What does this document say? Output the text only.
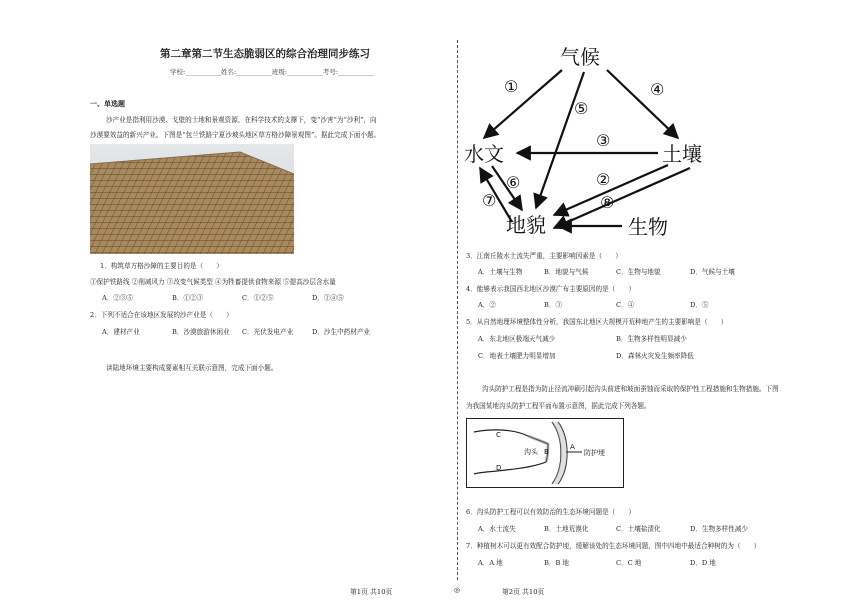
第二章第二节生态脆弱区的综合治理同步练习
学校:___________姓名:___________班级:___________考号:___________
一、单选题
沙产业是指利用沙漠、戈壁的土地和景观资源，在科学技术的支撑下，变“沙害”为“沙利”，向
沙漠要效益的新兴产业。下图是“包兰铁路宁夏沙坡头地区草方格沙障景观图”。据此完成下面小题。
1．构筑草方格沙障的主要目的是（　　）
①保护铁路线 ②削减风力 ③改变气候类型 ④为牲畜提供食物来源 ⑤提高沙层含水量
A．②③⑤	B．①②③	C．①②⑤	D．①④⑤
2．下列不适合在该地区发展的沙产业是（　　）
A．建材产业	B．沙漠旅游休闲业 C．光伏发电产业	D．沙生中药材产业
读陆地环境主要构成要素相互关联示意图，完成下面小题。
气候
水文	土壤
地貌	生物
①
②
③
④
⑤
⑥
⑦	⑧
3．江南丘陵水土流失严重，主要影响因素是（　　）
A．土壤与生物	B．地貌与气候	C．生物与地貌	D．气候与土壤
4．能够表示我国西北地区沙漠广布主要原因的是（　　）
A．②	B．③	C．④	D．⑤
5．从自然地理环境整体性分析，我国东北地区大规模开荒种地产生的主要影响是（　　）
A．东北地区极端天气减少	B．生物多样性明显减少
C．地表土壤肥力明显增加	D．森林火灾发生频率降低
沟头防护工程是指为防止径流冲刷引起沟头前进和坡面蚕蚀而采取的保护性工程措施和生物措施。下图
为我国某地沟头防护工程平面布置示意图，据此完成下列各题。
C
D
沟头 B
A
防护埂
6．沟头防护工程可以有效防治的生态环境问题是（　　）
A．水土流失	B．土地荒漠化	C．土壤盐渍化	D．生物多样性减少
7．种植树木可以更有效配合防护埂，缓解该处的生态环境问题，图中四地中最适合种树的为（　　）
A．A 地	B．B 地	C．C 地	D．D 地
第1页 共10页	◎	第2页 共10页
